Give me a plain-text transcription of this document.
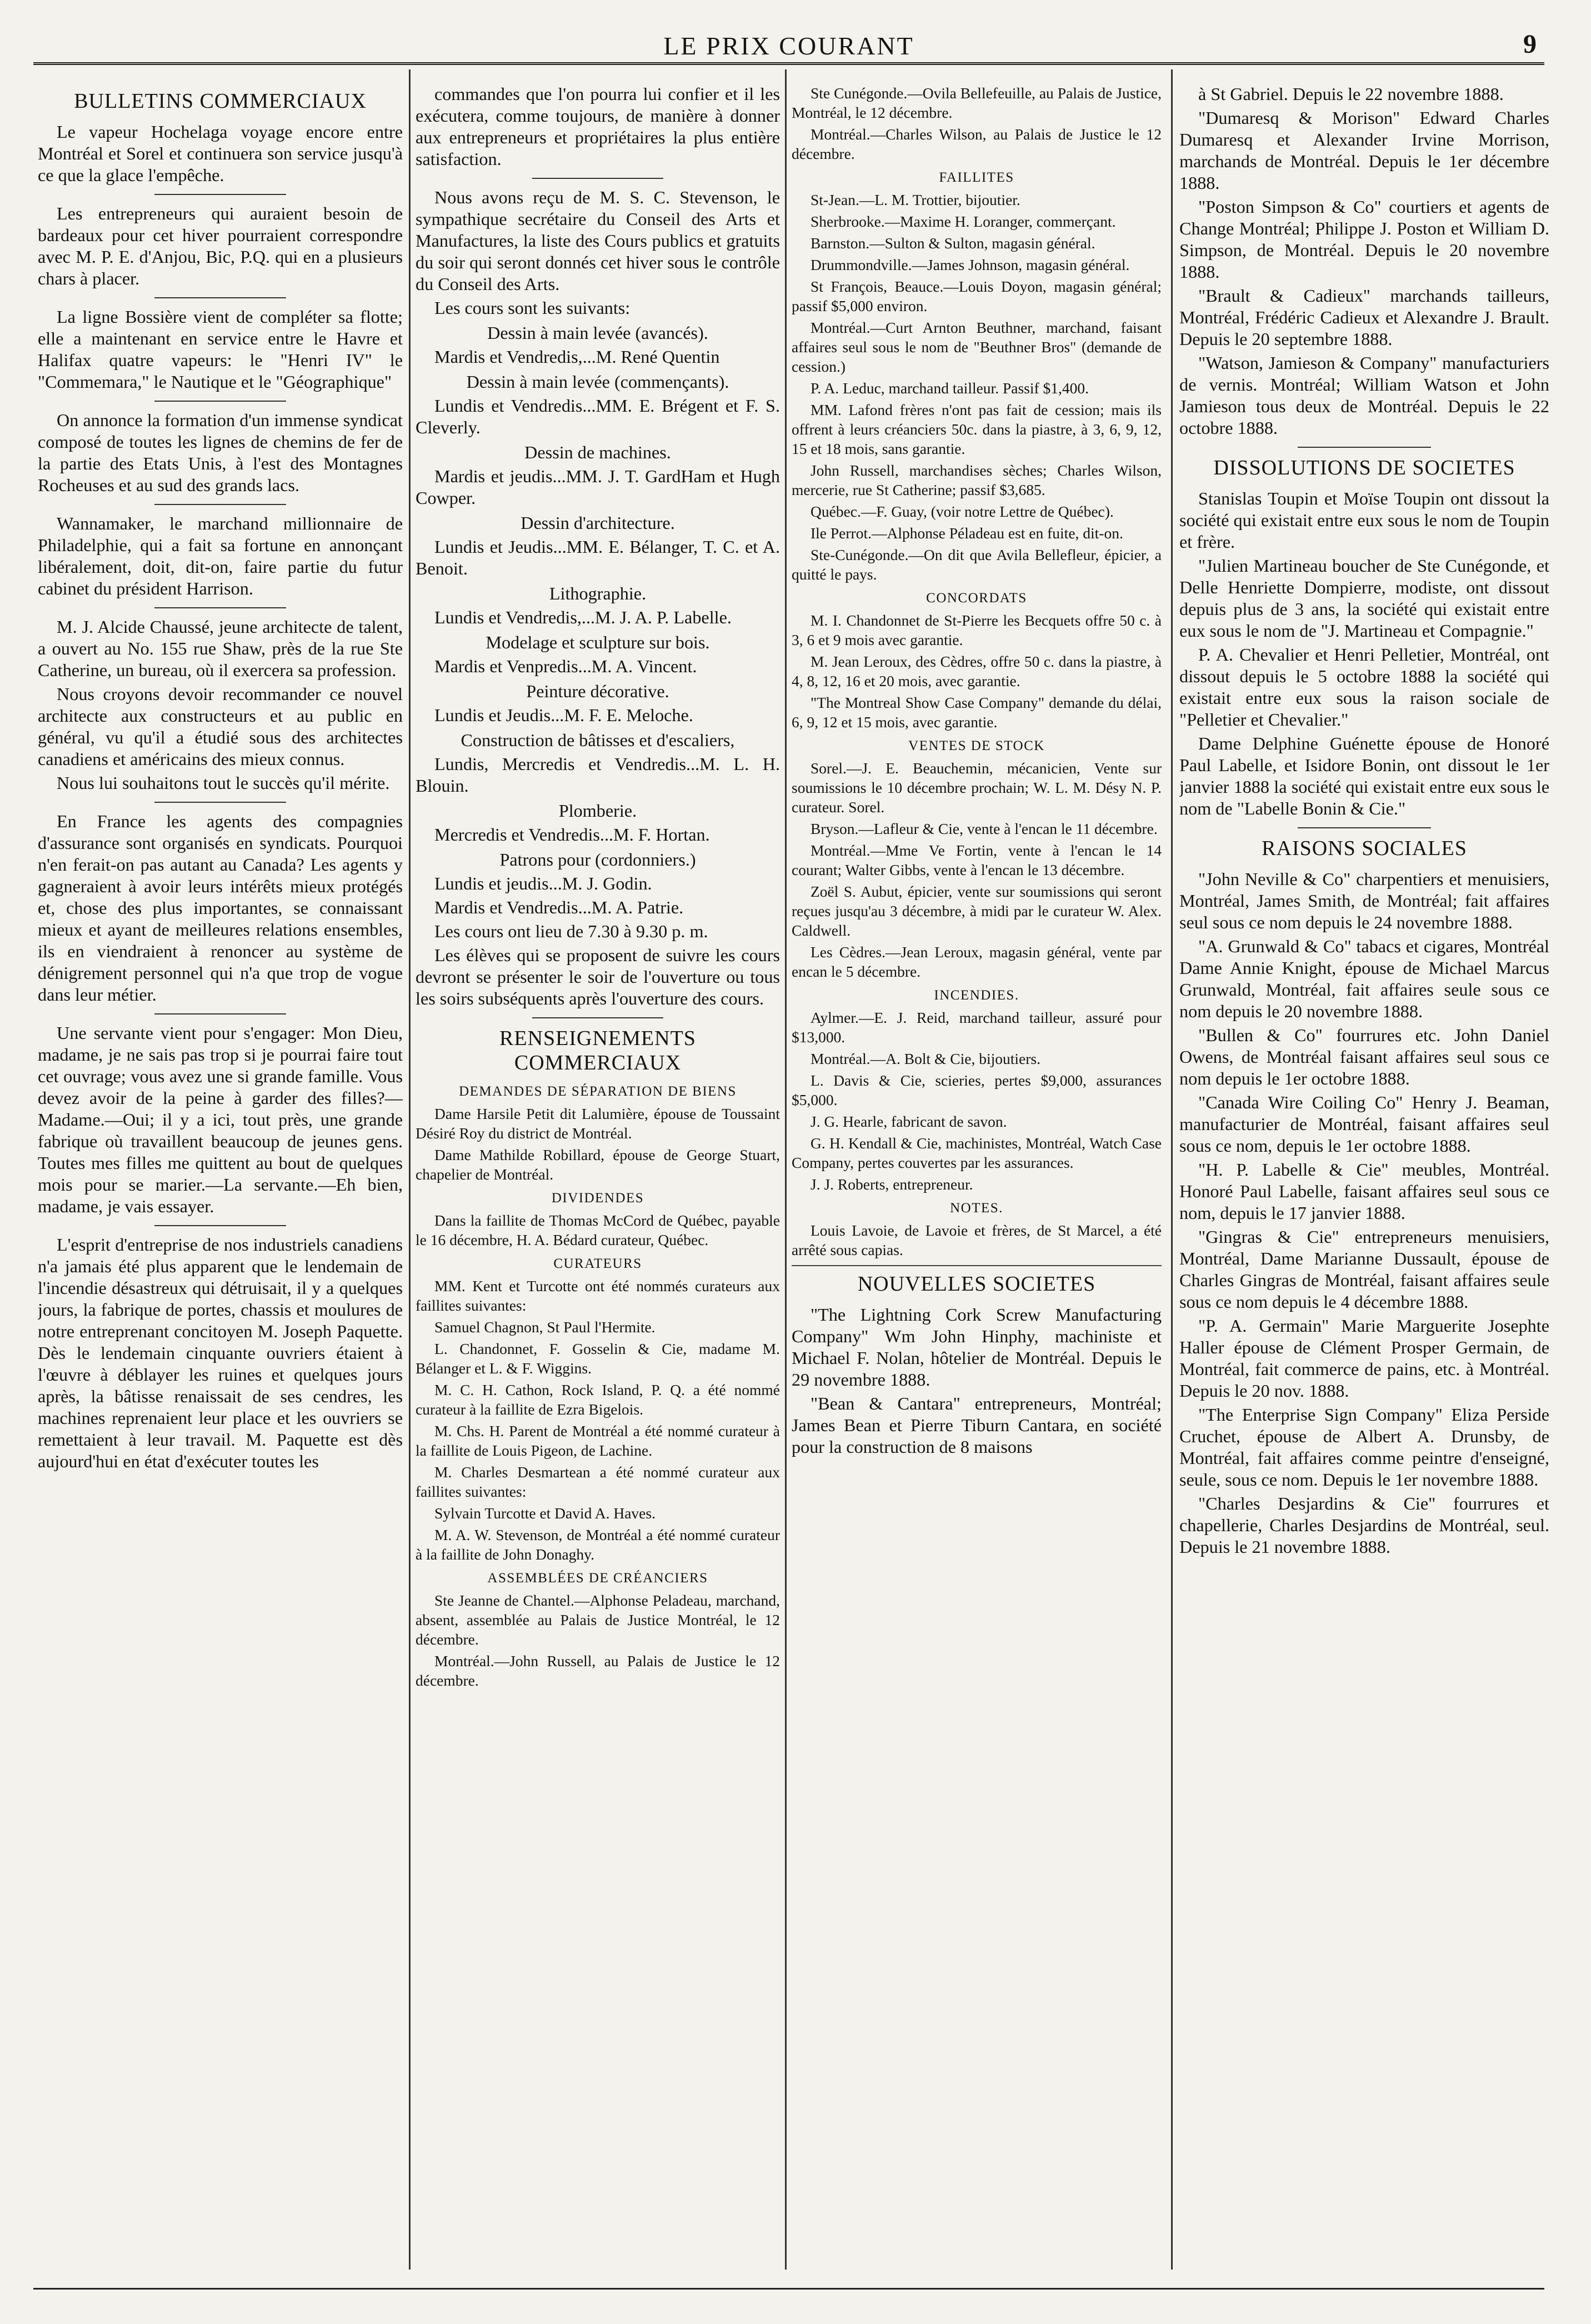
LE PRIX COURANT	9
BULLETINS COMMERCIAUX

Le vapeur Hochelaga voyage encore entre Montréal et Sorel et continuera son service jusqu'à ce que la glace l'empêche.

Les entrepreneurs qui auraient besoin de bardeaux pour cet hiver pourraient correspondre avec M. P. E. d'Anjou, Bic, P.Q. qui en a plusieurs chars à placer.

La ligne Bossière vient de compléter sa flotte; elle a maintenant en service entre le Havre et Halifax quatre vapeurs: le "Henri IV" le "Commemara," le Nautique et le "Géographique"

On annonce la formation d'un immense syndicat composé de toutes les lignes de chemins de fer de la partie des Etats Unis, à l'est des Montagnes Rocheuses et au sud des grands lacs.

Wannamaker, le marchand millionnaire de Philadelphie, qui a fait sa fortune en annonçant libéralement, doit, dit-on, faire partie du futur cabinet du président Harrison.

M. J. Alcide Chaussé, jeune architecte de talent, a ouvert au No. 155 rue Shaw, près de la rue Ste Catherine, un bureau, où il exercera sa profession.

Nous croyons devoir recommander ce nouvel architecte aux constructeurs et au public en général, vu qu'il a étudié sous des architectes canadiens et américains des mieux connus.

Nous lui souhaitons tout le succès qu'il mérite.

En France les agents des compagnies d'assurance sont organisés en syndicats. Pourquoi n'en ferait-on pas autant au Canada? Les agents y gagneraient à avoir leurs intérêts mieux protégés et, chose des plus importantes, se connaissant mieux et ayant de meilleures relations ensembles, ils en viendraient à renoncer au système de dénigrement personnel qui n'a que trop de vogue dans leur métier.

Une servante vient pour s'engager: Mon Dieu, madame, je ne sais pas trop si je pourrai faire tout cet ouvrage; vous avez une si grande famille. Vous devez avoir de la peine à garder des filles?—Madame.—Oui; il y a ici, tout près, une grande fabrique où travaillent beaucoup de jeunes gens. Toutes mes filles me quittent au bout de quelques mois pour se marier.—La servante.—Eh bien, madame, je vais essayer.

L'esprit d'entreprise de nos industriels canadiens n'a jamais été plus apparent que le lendemain de l'incendie désastreux qui détruisait, il y a quelques jours, la fabrique de portes, chassis et moulures de notre entreprenant concitoyen M. Joseph Paquette. Dès le lendemain cinquante ouvriers étaient à l'œuvre à déblayer les ruines et quelques jours après, la bâtisse renaissait de ses cendres, les machines reprenaient leur place et les ouvriers se remettaient à leur travail. M. Paquette est dès aujourd'hui en état d'exécuter toutes les

commandes que l'on pourra lui confier et il les exécutera, comme toujours, de manière à donner aux entrepreneurs et propriétaires la plus entière satisfaction.

Nous avons reçu de M. S. C. Stevenson, le sympathique secrétaire du Conseil des Arts et Manufactures, la liste des Cours publics et gratuits du soir qui seront donnés cet hiver sous le contrôle du Conseil des Arts.

Les cours sont les suivants:

Dessin à main levée (avancés).

Mardis et Vendredis,...M. René Quentin

Dessin à main levée (commençants).

Lundis et Vendredis...MM. E. Brégent et F. S. Cleverly.

Dessin de machines.

Mardis et jeudis...MM. J. T. GardHam et Hugh Cowper.

Dessin d'architecture.

Lundis et Jeudis...MM. E. Bélanger, T. C. et A. Benoit.

Lithographie.

Lundis et Vendredis,...M. J. A. P. Labelle.

Modelage et sculpture sur bois.

Mardis et Venpredis...M. A. Vincent.

Peinture décorative.

Lundis et Jeudis...M. F. E. Meloche.

Construction de bâtisses et d'escaliers,

Lundis, Mercredis et Vendredis...M. L. H. Blouin.

Plomberie.

Mercredis et Vendredis...M. F. Hortan.

Patrons pour (cordonniers.)

Lundis et jeudis...M. J. Godin.

Mardis et Vendredis...M. A. Patrie.

Les cours ont lieu de 7.30 à 9.30 p. m.

Les élèves qui se proposent de suivre les cours devront se présenter le soir de l'ouverture ou tous les soirs subséquents après l'ouverture des cours.

RENSEIGNEMENTS COMMERCIAUX
DEMANDES DE SÉPARATION DE BIENS

Dame Harsile Petit dit Lalumière, épouse de Toussaint Désiré Roy du district de Montréal.

Dame Mathilde Robillard, épouse de George Stuart, chapelier de Montréal.

DIVIDENDES

Dans la faillite de Thomas McCord de Québec, payable le 16 décembre, H. A. Bédard curateur, Québec.

CURATEURS

MM. Kent et Turcotte ont été nommés curateurs aux faillites suivantes:

Samuel Chagnon, St Paul l'Hermite.

L. Chandonnet, F. Gosselin & Cie, madame M. Bélanger et L. & F. Wiggins.

M. C. H. Cathon, Rock Island, P. Q. a été nommé curateur à la faillite de Ezra Bigelois.

M. Chs. H. Parent de Montréal a été nommé curateur à la faillite de Louis Pigeon, de Lachine.

M. Charles Desmartean a été nommé curateur aux faillites suivantes:

Sylvain Turcotte et David A. Haves.

M. A. W. Stevenson, de Montréal a été nommé curateur à la faillite de John Donaghy.

ASSEMBLÉES DE CRÉANCIERS

Ste Jeanne de Chantel.—Alphonse Peladeau, marchand, absent, assemblée au Palais de Justice Montréal, le 12 décembre.

Montréal.—John Russell, au Palais de Justice le 12 décembre.

Ste Cunégonde.—Ovila Bellefeuille, au Palais de Justice, Montréal, le 12 décembre.

Montréal.—Charles Wilson, au Palais de Justice le 12 décembre.

FAILLITES

St-Jean.—L. M. Trottier, bijoutier.

Sherbrooke.—Maxime H. Loranger, commerçant.

Barnston.—Sulton & Sulton, magasin général.

Drummondville.—James Johnson, magasin général.

St François, Beauce.—Louis Doyon, magasin général; passif $5,000 environ.

Montréal.—Curt Arnton Beuthner, marchand, faisant affaires seul sous le nom de "Beuthner Bros" (demande de cession.)

P. A. Leduc, marchand tailleur. Passif $1,400.

MM. Lafond frères n'ont pas fait de cession; mais ils offrent à leurs créanciers 50c. dans la piastre, à 3, 6, 9, 12, 15 et 18 mois, sans garantie.

John Russell, marchandises sèches; Charles Wilson, mercerie, rue St Catherine; passif $3,685.

Québec.—F. Guay, (voir notre Lettre de Québec).

Ile Perrot.—Alphonse Péladeau est en fuite, dit-on.

Ste-Cunégonde.—On dit que Avila Bellefleur, épicier, a quitté le pays.

CONCORDATS

M. I. Chandonnet de St-Pierre les Becquets offre 50 c. à 3, 6 et 9 mois avec garantie.

M. Jean Leroux, des Cèdres, offre 50 c. dans la piastre, à 4, 8, 12, 16 et 20 mois, avec garantie.

"The Montreal Show Case Company" demande du délai, 6, 9, 12 et 15 mois, avec garantie.

VENTES DE STOCK

Sorel.—J. E. Beauchemin, mécanicien, Vente sur soumissions le 10 décembre prochain; W. L. M. Désy N. P. curateur. Sorel.

Bryson.—Lafleur & Cie, vente à l'encan le 11 décembre.

Montréal.—Mme Ve Fortin, vente à l'encan le 14 courant; Walter Gibbs, vente à l'encan le 13 décembre.

Zoël S. Aubut, épicier, vente sur soumissions qui seront reçues jusqu'au 3 décembre, à midi par le curateur W. Alex. Caldwell.

Les Cèdres.—Jean Leroux, magasin général, vente par encan le 5 décembre.

INCENDIES.

Aylmer.—E. J. Reid, marchand tailleur, assuré pour $13,000.

Montréal.—A. Bolt & Cie, bijoutiers.

L. Davis & Cie, scieries, pertes $9,000, assurances $5,000.

J. G. Hearle, fabricant de savon.

G. H. Kendall & Cie, machinistes, Montréal, Watch Case Company, pertes couvertes par les assurances.

J. J. Roberts, entrepreneur.

NOTES.

Louis Lavoie, de Lavoie et frères, de St Marcel, a été arrêté sous capias.

NOUVELLES SOCIETES

"The Lightning Cork Screw Manufacturing Company" Wm John Hinphy, machiniste et Michael F. Nolan, hôtelier de Montréal. Depuis le 29 novembre 1888.

"Bean & Cantara" entrepreneurs, Montréal; James Bean et Pierre Tiburn Cantara, en société pour la construction de 8 maisons

à St Gabriel. Depuis le 22 novembre 1888.

"Dumaresq & Morison" Edward Charles Dumaresq et Alexander Irvine Morrison, marchands de Montréal. Depuis le 1er décembre 1888.

"Poston Simpson & Co" courtiers et agents de Change Montréal; Philippe J. Poston et William D. Simpson, de Montréal. Depuis le 20 novembre 1888.

"Brault & Cadieux" marchands tailleurs, Montréal, Frédéric Cadieux et Alexandre J. Brault. Depuis le 20 septembre 1888.

"Watson, Jamieson & Company" manufacturiers de vernis. Montréal; William Watson et John Jamieson tous deux de Montréal. Depuis le 22 octobre 1888.

DISSOLUTIONS DE SOCIETES

Stanislas Toupin et Moïse Toupin ont dissout la société qui existait entre eux sous le nom de Toupin et frère.

"Julien Martineau boucher de Ste Cunégonde, et Delle Henriette Dompierre, modiste, ont dissout depuis plus de 3 ans, la société qui existait entre eux sous le nom de "J. Martineau et Compagnie."

P. A. Chevalier et Henri Pelletier, Montréal, ont dissout depuis le 5 octobre 1888 la société qui existait entre eux sous la raison sociale de "Pelletier et Chevalier."

Dame Delphine Guénette épouse de Honoré Paul Labelle, et Isidore Bonin, ont dissout le 1er janvier 1888 la société qui existait entre eux sous le nom de "Labelle Bonin & Cie."

RAISONS SOCIALES

"John Neville & Co" charpentiers et menuisiers, Montréal, James Smith, de Montréal; fait affaires seul sous ce nom depuis le 24 novembre 1888.

"A. Grunwald & Co" tabacs et cigares, Montréal Dame Annie Knight, épouse de Michael Marcus Grunwald, Montréal, fait affaires seule sous ce nom depuis le 20 novembre 1888.

"Bullen & Co" fourrures etc. John Daniel Owens, de Montréal faisant affaires seul sous ce nom depuis le 1er octobre 1888.

"Canada Wire Coiling Co" Henry J. Beaman, manufacturier de Montréal, faisant affaires seul sous ce nom, depuis le 1er octobre 1888.

"H. P. Labelle & Cie" meubles, Montréal. Honoré Paul Labelle, faisant affaires seul sous ce nom, depuis le 17 janvier 1888.

"Gingras & Cie" entrepreneurs menuisiers, Montréal, Dame Marianne Dussault, épouse de Charles Gingras de Montréal, faisant affaires seule sous ce nom depuis le 4 décembre 1888.

"P. A. Germain" Marie Marguerite Josephte Haller épouse de Clément Prosper Germain, de Montréal, fait commerce de pains, etc. à Montréal. Depuis le 20 nov. 1888.

"The Enterprise Sign Company" Eliza Perside Cruchet, épouse de Albert A. Drunsby, de Montréal, fait affaires comme peintre d'enseigné, seule, sous ce nom. Depuis le 1er novembre 1888.

"Charles Desjardins & Cie" fourrures et chapellerie, Charles Desjardins de Montréal, seul. Depuis le 21 novembre 1888.
